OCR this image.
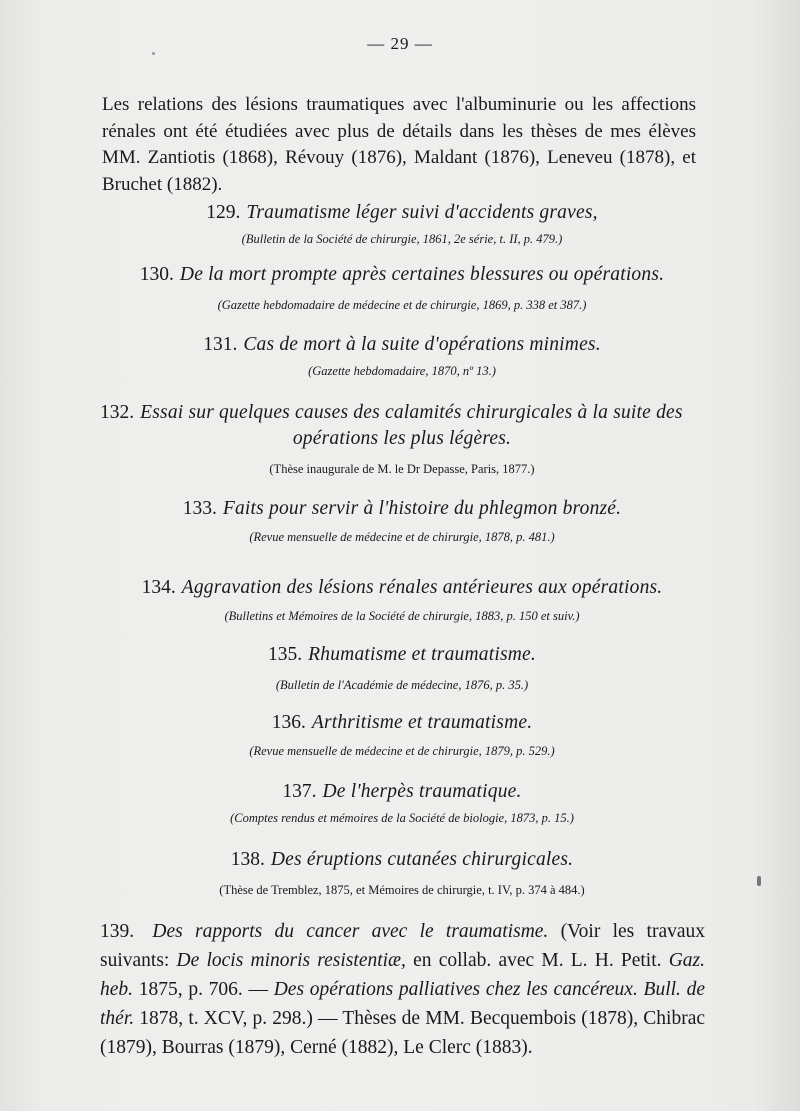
— 29 —
Les relations des lésions traumatiques avec l'albuminurie ou les affections rénales ont été étudiées avec plus de détails dans les thèses de mes élèves MM. Zantiotis (1868), Révouy (1876), Maldant (1876), Leneveu (1878), et Bruchet (1882).
129. Traumatisme léger suivi d'accidents graves,
(Bulletin de la Société de chirurgie, 1861, 2e série, t. II, p. 479.)
130. De la mort prompte après certaines blessures ou opérations.
(Gazette hebdomadaire de médecine et de chirurgie, 1869, p. 338 et 387.)
131. Cas de mort à la suite d'opérations minimes.
(Gazette hebdomadaire, 1870, nº 13.)
132. Essai sur quelques causes des calamités chirurgicales à la suite des
opérations les plus légères.
(Thèse inaugurale de M. le Dr Depasse, Paris, 1877.)
133. Faits pour servir à l'histoire du phlegmon bronzé.
(Revue mensuelle de médecine et de chirurgie, 1878, p. 481.)
134. Aggravation des lésions rénales antérieures aux opérations.
(Bulletins et Mémoires de la Société de chirurgie, 1883, p. 150 et suiv.)
135. Rhumatisme et traumatisme.
(Bulletin de l'Académie de médecine, 1876, p. 35.)
136. Arthritisme et traumatisme.
(Revue mensuelle de médecine et de chirurgie, 1879, p. 529.)
137. De l'herpès traumatique.
(Comptes rendus et mémoires de la Société de biologie, 1873, p. 15.)
138. Des éruptions cutanées chirurgicales.
(Thèse de Tremblez, 1875, et Mémoires de chirurgie, t. IV, p. 374 à 484.)
139. Des rapports du cancer avec le traumatisme. (Voir les travaux suivants: De locis minoris resistentiæ, en collab. avec M. L. H. Petit. Gaz. heb. 1875, p. 706. — Des opérations palliatives chez les cancéreux. Bull. de thér. 1878, t. XCV, p. 298.) — Thèses de MM. Becquembois (1878), Chibrac (1879), Bourras (1879), Cerné (1882), Le Clerc (1883).
